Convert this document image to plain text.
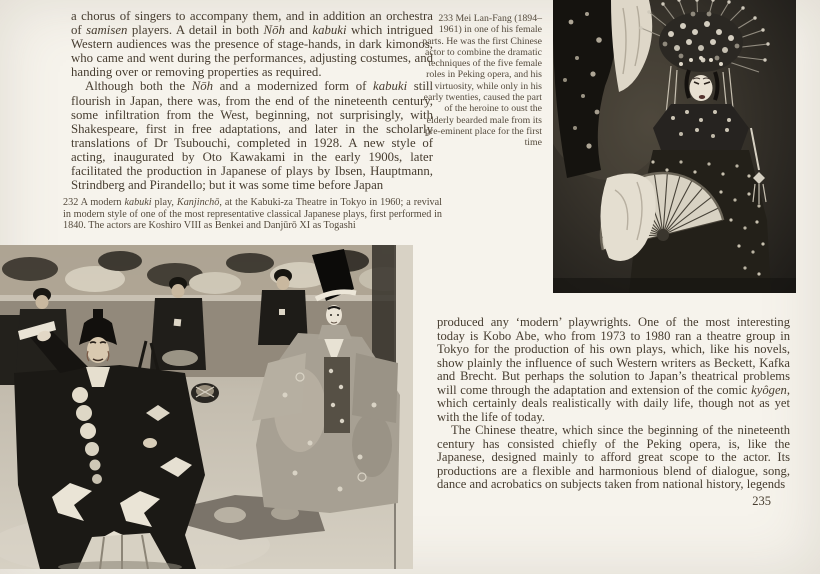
a chorus of singers to accompany them, and in addition an orchestra of samisen players. A detail in both Nōh and kabuki which intrigued Western audiences was the presence of stage-hands, in dark kimonos, who came and went during the performances, adjusting costumes, and handing over or removing properties as required.

Although both the Nōh and a modernized form of kabuki still flourish in Japan, there was, from the end of the nineteenth century, some infiltration from the West, beginning, not surprisingly, with Shakespeare, first in free adaptations, and later in the scholarly translations of Dr Tsubouchi, completed in 1928. A new style of acting, inaugurated by Oto Kawakami in the early 1900s, later facilitated the production in Japanese of plays by Ibsen, Hauptmann, Strindberg and Pirandello; but it was some time before Japan

232 A modern kabuki play, Kanjinchō, at the Kabuki-za Theatre in Tokyo in 1960; a revival in modern style of one of the most representative classical Japanese plays, first performed in 1840. The actors are Koshiro VIII as Benkei and Danjūrō XI as Togashi
233 Mei Lan-Fang (1894–1961) in one of his female parts. He was the first Chinese actor to combine the dramatic techniques of the five female roles in Peking opera, and his virtuosity, while only in his early twenties, caused the part of the heroine to oust the elderly bearded male from its pre-eminent place for the first time

produced any ‘modern’ playwrights. One of the most interesting today is Kobo Abe, who from 1973 to 1980 ran a theatre group in Tokyo for the production of his own plays, which, like his novels, show plainly the influence of such Western writers as Beckett, Kafka and Brecht. But perhaps the solution to Japan’s theatrical problems will come through the adaptation and extension of the comic kyôgen, which certainly deals realistically with daily life, though not as yet with the life of today.

The Chinese theatre, which since the beginning of the nineteenth century has consisted chiefly of the Peking opera, is, like the Japanese, designed mainly to afford great scope to the actor. Its productions are a flexible and harmonious blend of dialogue, song, dance and acrobatics on subjects taken from national history, legends

235
